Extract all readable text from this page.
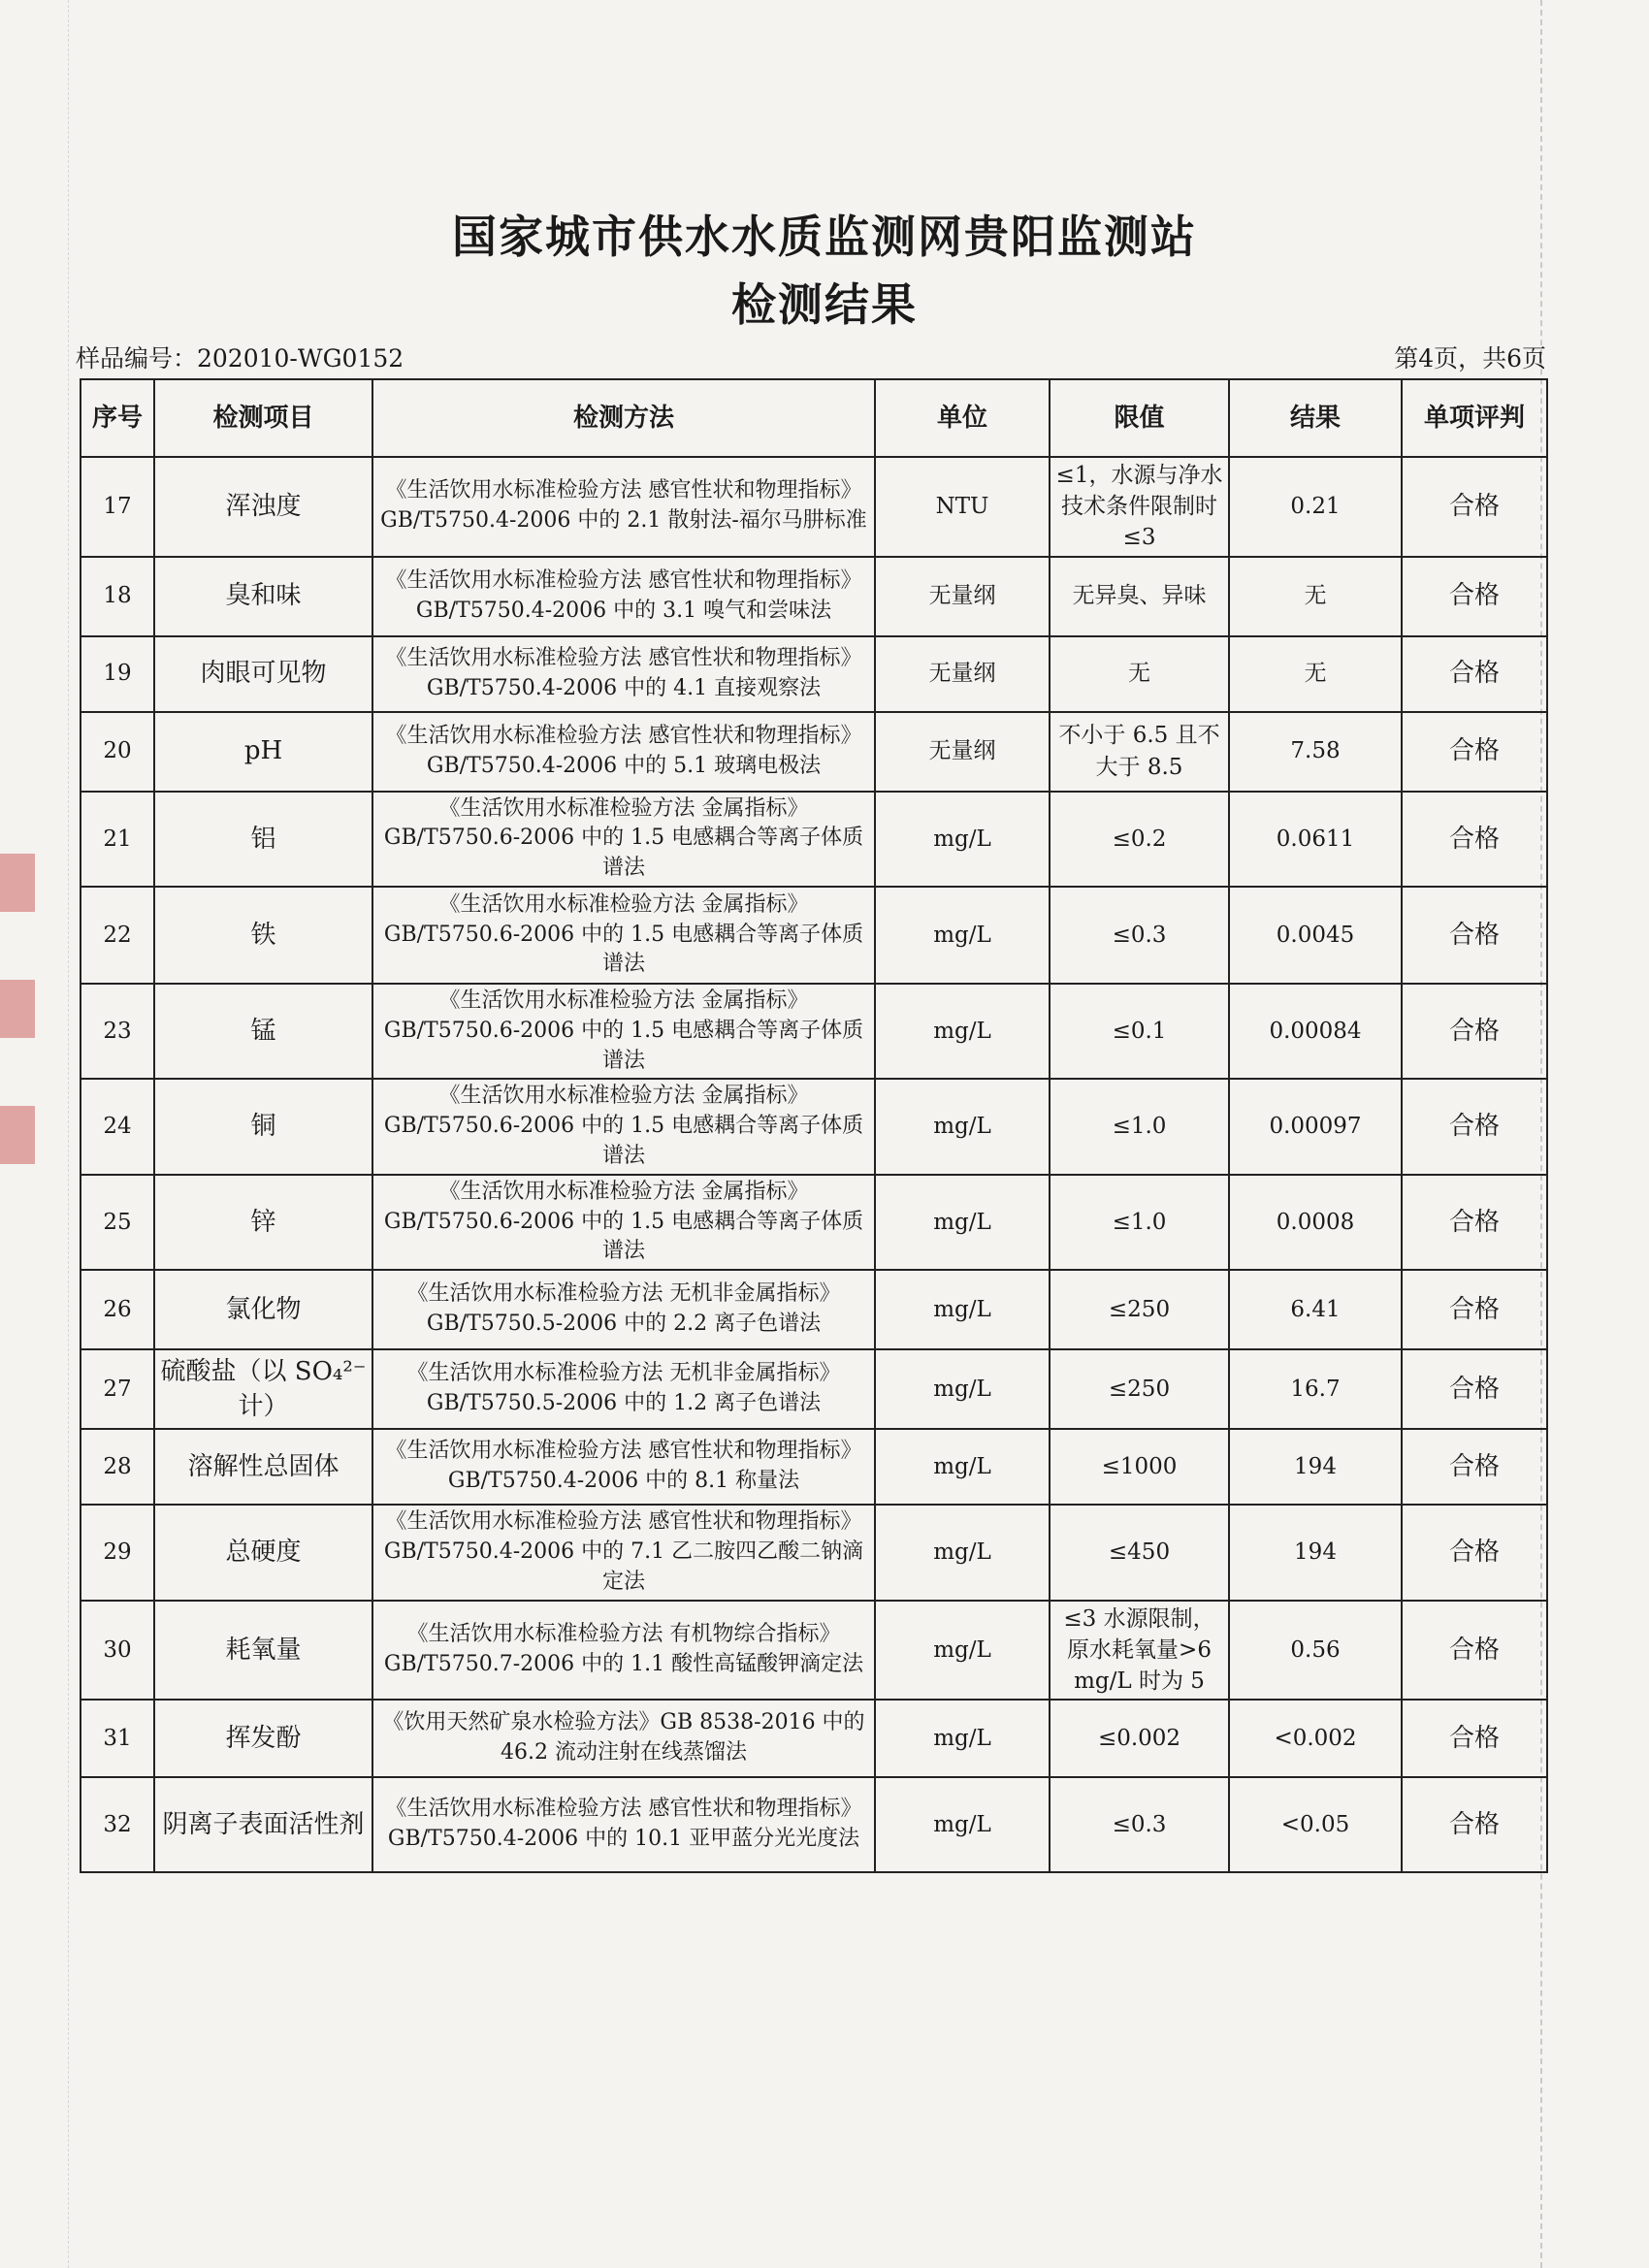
国家城市供水水质监测网贵阳监测站
检测结果
样品编号：202010-WG0152	第4页，共6页
序号	检测项目	检测方法	单位	限值	结果	单项评判
17	浑浊度	《生活饮用水标准检验方法 感官性状和物理指标》GB/T5750.4-2006 中的 2.1 散射法-福尔马肼标准	NTU	≤1，水源与净水技术条件限制时≤3	0.21	合格
18	臭和味	《生活饮用水标准检验方法 感官性状和物理指标》GB/T5750.4-2006 中的 3.1 嗅气和尝味法	无量纲	无异臭、异味	无	合格
19	肉眼可见物	《生活饮用水标准检验方法 感官性状和物理指标》GB/T5750.4-2006 中的 4.1 直接观察法	无量纲	无	无	合格
20	pH	《生活饮用水标准检验方法 感官性状和物理指标》GB/T5750.4-2006 中的 5.1 玻璃电极法	无量纲	不小于 6.5 且不大于 8.5	7.58	合格
21	铝	《生活饮用水标准检验方法 金属指标》GB/T5750.6-2006 中的 1.5 电感耦合等离子体质谱法	mg/L	≤0.2	0.0611	合格
22	铁	《生活饮用水标准检验方法 金属指标》GB/T5750.6-2006 中的 1.5 电感耦合等离子体质谱法	mg/L	≤0.3	0.0045	合格
23	锰	《生活饮用水标准检验方法 金属指标》GB/T5750.6-2006 中的 1.5 电感耦合等离子体质谱法	mg/L	≤0.1	0.00084	合格
24	铜	《生活饮用水标准检验方法 金属指标》GB/T5750.6-2006 中的 1.5 电感耦合等离子体质谱法	mg/L	≤1.0	0.00097	合格
25	锌	《生活饮用水标准检验方法 金属指标》GB/T5750.6-2006 中的 1.5 电感耦合等离子体质谱法	mg/L	≤1.0	0.0008	合格
26	氯化物	《生活饮用水标准检验方法 无机非金属指标》GB/T5750.5-2006 中的 2.2 离子色谱法	mg/L	≤250	6.41	合格
27	硫酸盐（以 SO₄²⁻计）	《生活饮用水标准检验方法 无机非金属指标》GB/T5750.5-2006 中的 1.2 离子色谱法	mg/L	≤250	16.7	合格
28	溶解性总固体	《生活饮用水标准检验方法 感官性状和物理指标》GB/T5750.4-2006 中的 8.1 称量法	mg/L	≤1000	194	合格
29	总硬度	《生活饮用水标准检验方法 感官性状和物理指标》 GB/T5750.4-2006 中的 7.1 乙二胺四乙酸二钠滴定法	mg/L	≤450	194	合格
30	耗氧量	《生活饮用水标准检验方法 有机物综合指标》GB/T5750.7-2006 中的 1.1 酸性高锰酸钾滴定法	mg/L	≤3 水源限制，原水耗氧量>6 mg/L 时为 5	0.56	合格
31	挥发酚	《饮用天然矿泉水检验方法》GB 8538-2016 中的 46.2 流动注射在线蒸馏法	mg/L	≤0.002	<0.002	合格
32	阴离子表面活性剂	《生活饮用水标准检验方法 感官性状和物理指标》GB/T5750.4-2006 中的 10.1 亚甲蓝分光光度法	mg/L	≤0.3	<0.05	合格
